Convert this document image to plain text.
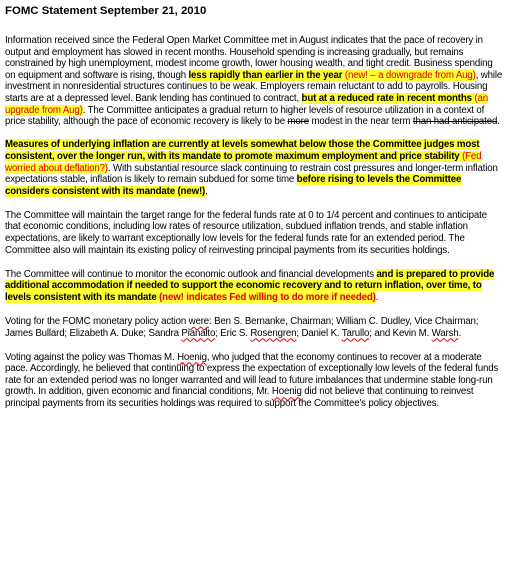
FOMC Statement September 21, 2010

Information received since the Federal Open Market Committee met in August indicates that the pace of recovery in output and employment has slowed in recent months. Household spending is increasing gradually, but remains constrained by high unemployment, modest income growth, lower housing wealth, and tight credit. Business spending on equipment and software is rising, though less rapidly than earlier in the year (new! – a downgrade from Aug), while investment in nonresidential structures continues to be weak. Employers remain reluctant to add to payrolls. Housing starts are at a depressed level. Bank lending has continued to contract, but at a reduced rate in recent months (an upgrade from Aug). The Committee anticipates a gradual return to higher levels of resource utilization in a context of price stability, although the pace of economic recovery is likely to be more modest in the near term than had anticipated.

Measures of underlying inflation are currently at levels somewhat below those the Committee judges most consistent, over the longer run, with its mandate to promote maximum employment and price stability (Fed worried about deflation?). With substantial resource slack continuing to restrain cost pressures and longer-term inflation expectations stable, inflation is likely to remain subdued for some time before rising to levels the Committee considers consistent with its mandate (new!).

The Committee will maintain the target range for the federal funds rate at 0 to 1/4 percent and continues to anticipate that economic conditions, including low rates of resource utilization, subdued inflation trends, and stable inflation expectations, are likely to warrant exceptionally low levels for the federal funds rate for an extended period. The Committee also will maintain its existing policy of reinvesting principal payments from its securities holdings.

The Committee will continue to monitor the economic outlook and financial developments and is prepared to provide additional accommodation if needed to support the economic recovery and to return inflation, over time, to levels consistent with its mandate (new! indicates Fed willing to do more if needed).

Voting for the FOMC monetary policy action were: Ben S. Bernanke, Chairman; William C. Dudley, Vice Chairman; James Bullard; Elizabeth A. Duke; Sandra Pianalto; Eric S. Rosengren; Daniel K. Tarullo; and Kevin M. Warsh.

Voting against the policy was Thomas M. Hoenig, who judged that the economy continues to recover at a moderate pace. Accordingly, he believed that continuing to express the expectation of exceptionally low levels of the federal funds rate for an extended period was no longer warranted and will lead to future imbalances that undermine stable long-run growth. In addition, given economic and financial conditions, Mr. Hoenig did not believe that continuing to reinvest principal payments from its securities holdings was required to support the Committee's policy objectives.
